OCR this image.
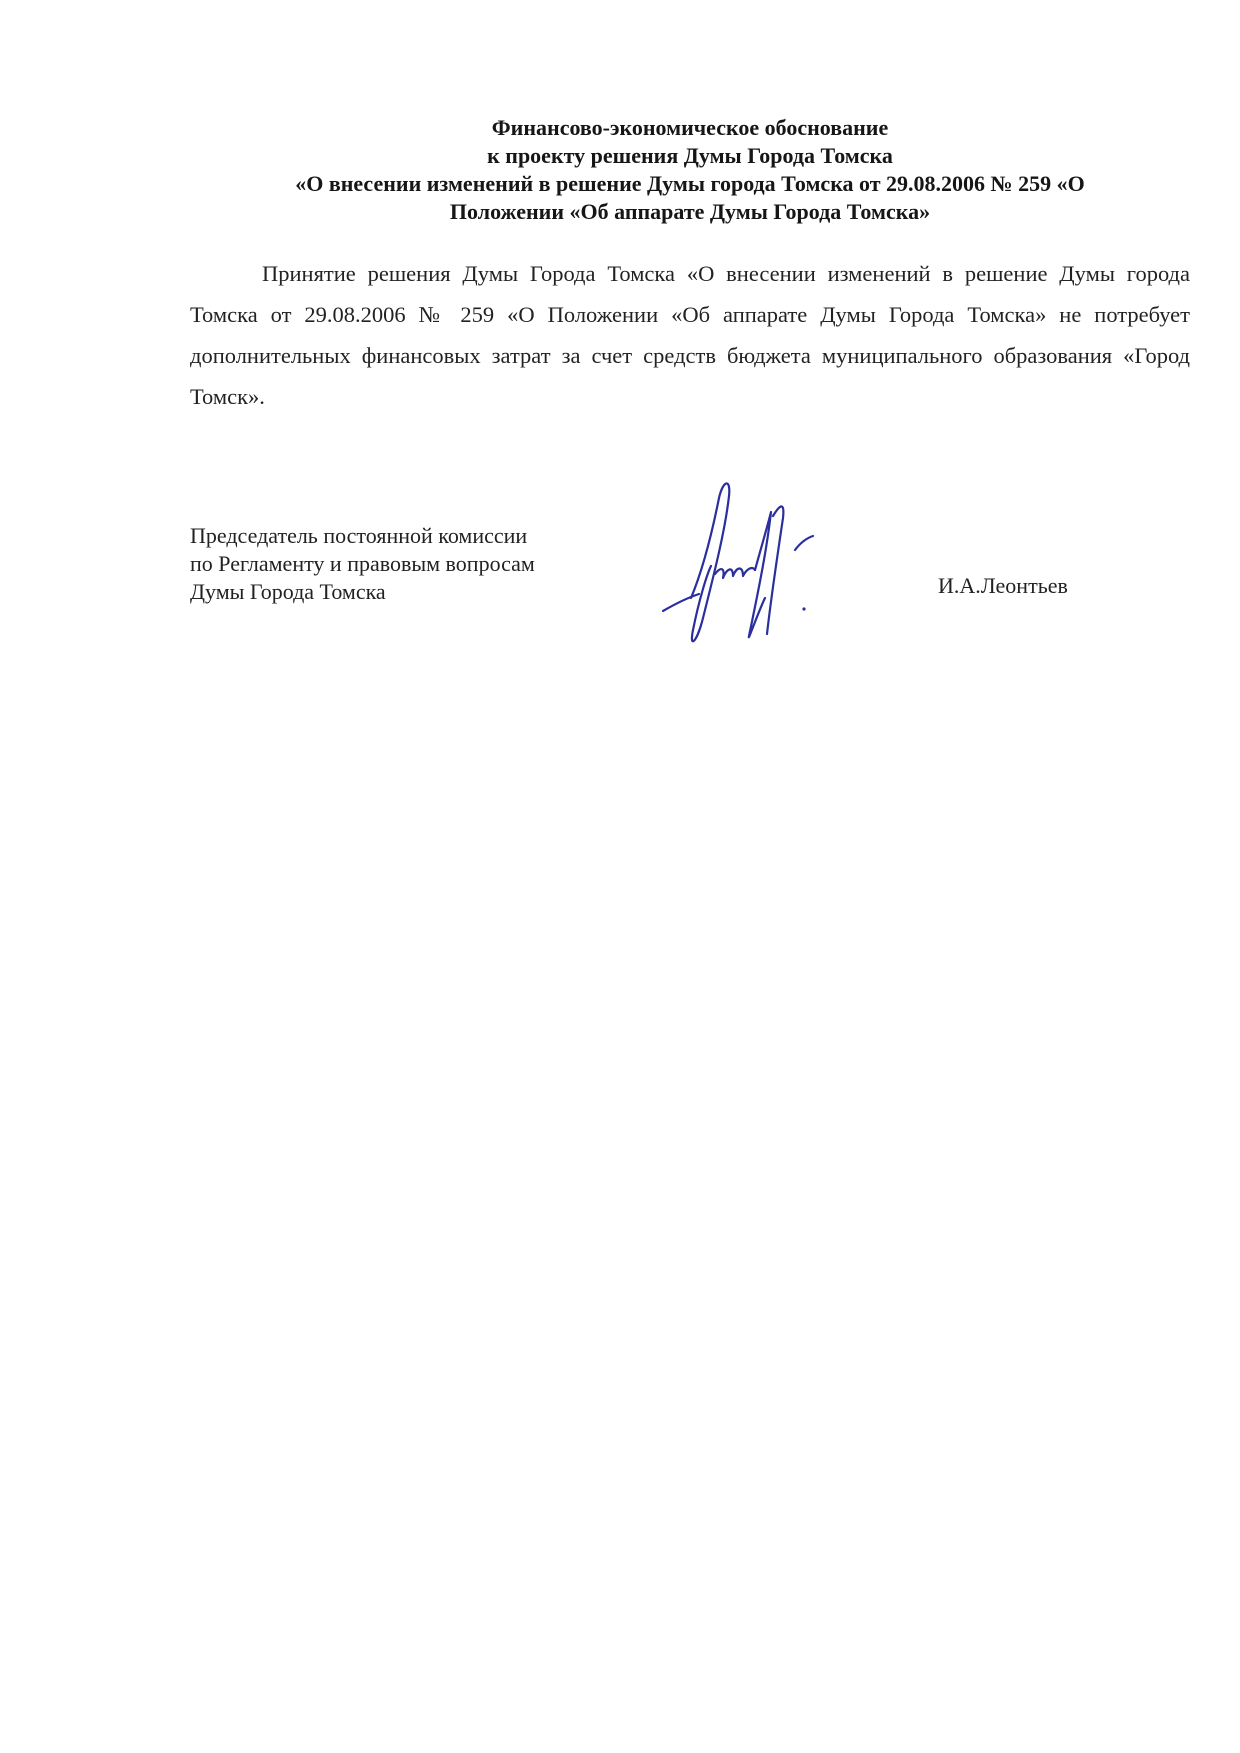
Финансово-экономическое обоснование
к проекту решения Думы Города Томска
«О внесении изменений в решение Думы города Томска от 29.08.2006 № 259 «О
Положении «Об аппарате Думы Города Томска»

Принятие решения Думы Города Томска «О внесении изменений в решение Думы города Томска от 29.08.2006 № 259 «О Положении «Об аппарате Думы Города Томска» не потребует дополнительных финансовых затрат за счет средств бюджета муниципального образования «Город Томск».

Председатель постоянной комиссии
по Регламенту и правовым вопросам
Думы Города Томска	И.А.Леонтьев
